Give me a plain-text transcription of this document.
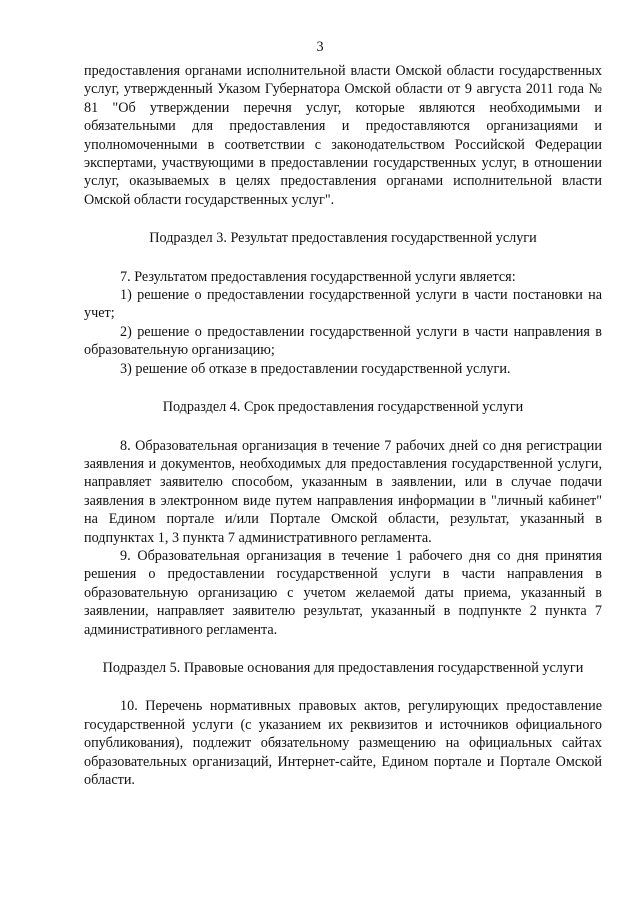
3

предоставления органами исполнительной власти Омской области государственных услуг, утвержденный Указом Губернатора Омской области от 9 августа 2011 года № 81 "Об утверждении перечня услуг, которые являются необходимыми и обязательными для предоставления и предоставляются организациями и уполномоченными в соответствии с законодательством Российской Федерации экспертами, участвующими в предоставлении государственных услуг, в отношении услуг, оказываемых в целях предоставления органами исполнительной власти Омской области государственных услуг".

Подраздел 3. Результат предоставления государственной услуги

7. Результатом предоставления государственной услуги является:

1) решение о предоставлении государственной услуги в части постановки на учет;

2) решение о предоставлении государственной услуги в части направления в образовательную организацию;

3) решение об отказе в предоставлении государственной услуги.

Подраздел 4. Срок предоставления государственной услуги

8. Образовательная организация в течение 7 рабочих дней со дня регистрации заявления и документов, необходимых для предоставления государственной услуги, направляет заявителю способом, указанным в заявлении, или в случае подачи заявления в электронном виде путем направления информации в "личный кабинет" на Едином портале и/или Портале Омской области, результат, указанный в подпунктах 1, 3 пункта 7 административного регламента.

9. Образовательная организация в течение 1 рабочего дня со дня принятия решения о предоставлении государственной услуги в части направления в образовательную организацию с учетом желаемой даты приема, указанный в заявлении, направляет заявителю результат, указанный в подпункте 2 пункта 7 административного регламента.

Подраздел 5. Правовые основания для предоставления государственной услуги

10. Перечень нормативных правовых актов, регулирующих предоставление государственной услуги (с указанием их реквизитов и источников официального опубликования), подлежит обязательному размещению на официальных сайтах образовательных организаций, Интернет-сайте, Едином портале и Портале Омской области.
